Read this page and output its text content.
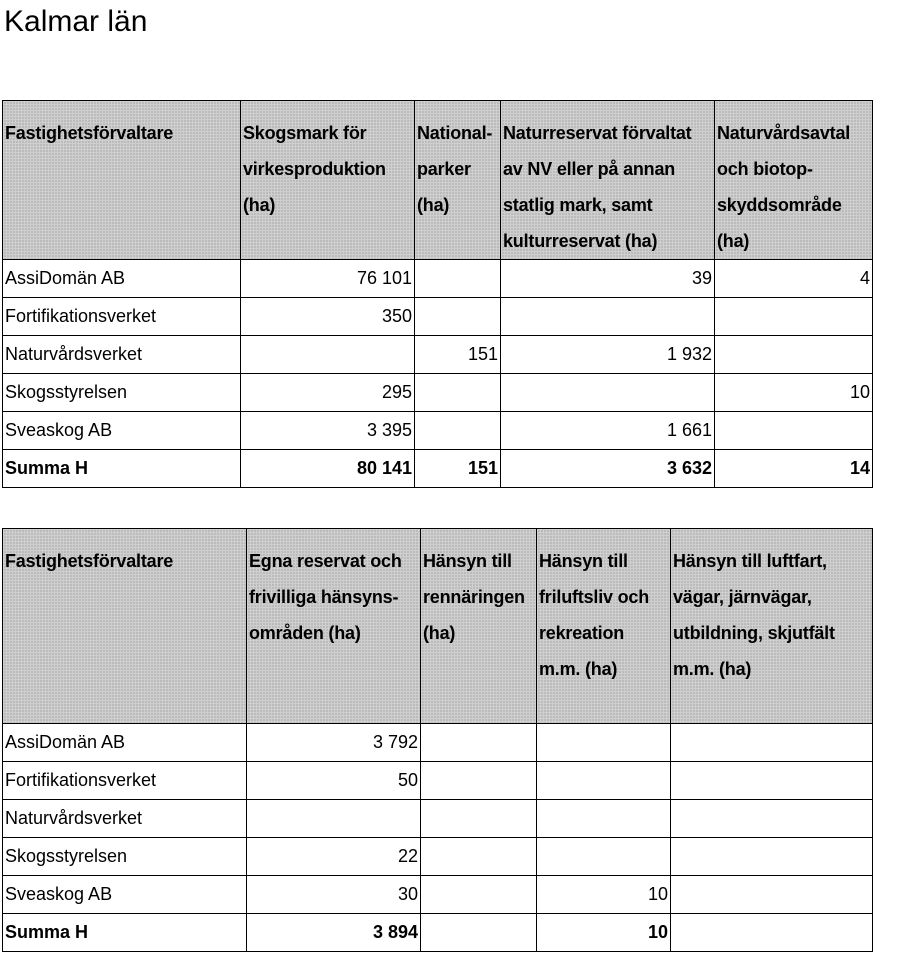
Kalmar län
Fastighetsförvaltare	Skogsmark för virkesproduktion (ha)	National-parker (ha)	Naturreservat förvaltat av NV eller på annan statlig mark, samt kulturreservat (ha)	Naturvårdsavtal och biotop-skyddsområde (ha)
AssiDomän AB	76 101		39	4
Fortifikationsverket	350			
Naturvårdsverket		151	1 932	
Skogsstyrelsen	295			10
Sveaskog AB	3 395		1 661	
Summa H	80 141	151	3 632	14
Fastighetsförvaltare	Egna reservat och frivilliga hänsyns-områden (ha)	Hänsyn till rennäringen (ha)	Hänsyn till friluftsliv och rekreation m.m. (ha)	Hänsyn till luftfart, vägar, järnvägar, utbildning, skjutfält m.m. (ha)
AssiDomän AB	3 792			
Fortifikationsverket	50			
Naturvårdsverket				
Skogsstyrelsen	22			
Sveaskog AB	30		10	
Summa H	3 894		10	
